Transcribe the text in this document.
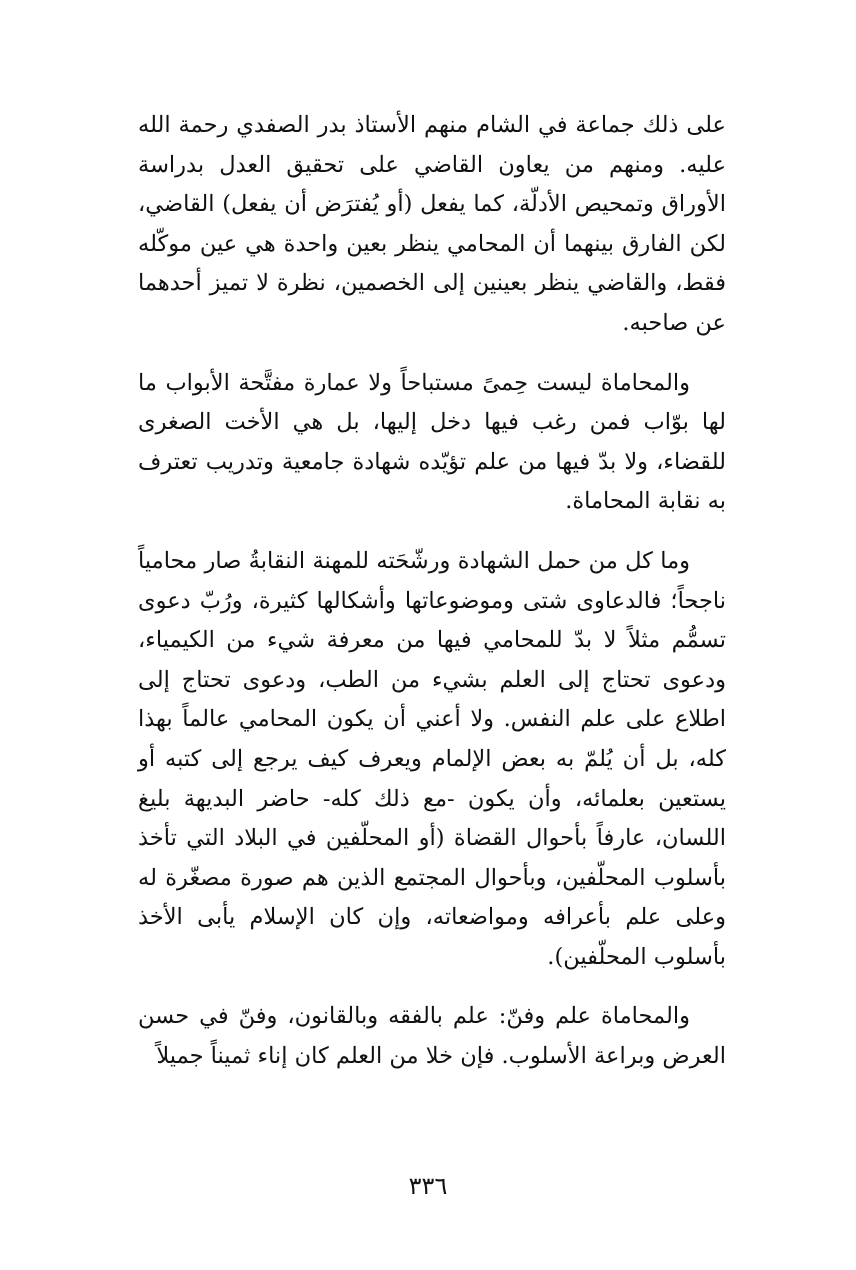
على ذلك جماعة في الشام منهم الأستاذ بدر الصفدي رحمة الله عليه. ومنهم من يعاون القاضي على تحقيق العدل بدراسة الأوراق وتمحيص الأدلّة، كما يفعل (أو يُفترَض أن يفعل) القاضي، لكن الفارق بينهما أن المحامي ينظر بعين واحدة هي عين موكّله فقط، والقاضي ينظر بعينين إلى الخصمين، نظرة لا تميز أحدهما عن صاحبه.

والمحاماة ليست حِمىً مستباحاً ولا عمارة مفتَّحة الأبواب ما لها بوّاب فمن رغب فيها دخل إليها، بل هي الأخت الصغرى للقضاء، ولا بدّ فيها من علم تؤيّده شهادة جامعية وتدريب تعترف به نقابة المحاماة.

وما كل من حمل الشهادة ورشّحَته للمهنة النقابةُ صار محامياً ناجحاً؛ فالدعاوى شتى وموضوعاتها وأشكالها كثيرة، ورُبّ دعوى تسمُّم مثلاً لا بدّ للمحامي فيها من معرفة شيء من الكيمياء، ودعوى تحتاج إلى العلم بشيء من الطب، ودعوى تحتاج إلى اطلاع على علم النفس. ولا أعني أن يكون المحامي عالماً بهذا كله، بل أن يُلمّ به بعض الإلمام ويعرف كيف يرجع إلى كتبه أو يستعين بعلمائه، وأن يكون -مع ذلك كله- حاضر البديهة بليغ اللسان، عارفاً بأحوال القضاة (أو المحلّفين في البلاد التي تأخذ بأسلوب المحلّفين، وبأحوال المجتمع الذين هم صورة مصغّرة له وعلى علم بأعرافه ومواضعاته، وإن كان الإسلام يأبى الأخذ بأسلوب المحلّفين).

والمحاماة علم وفنّ: علم بالفقه وبالقانون، وفنّ في حسن العرض وبراعة الأسلوب. فإن خلا من العلم كان إناء ثميناً جميلاً

٣٣٦
